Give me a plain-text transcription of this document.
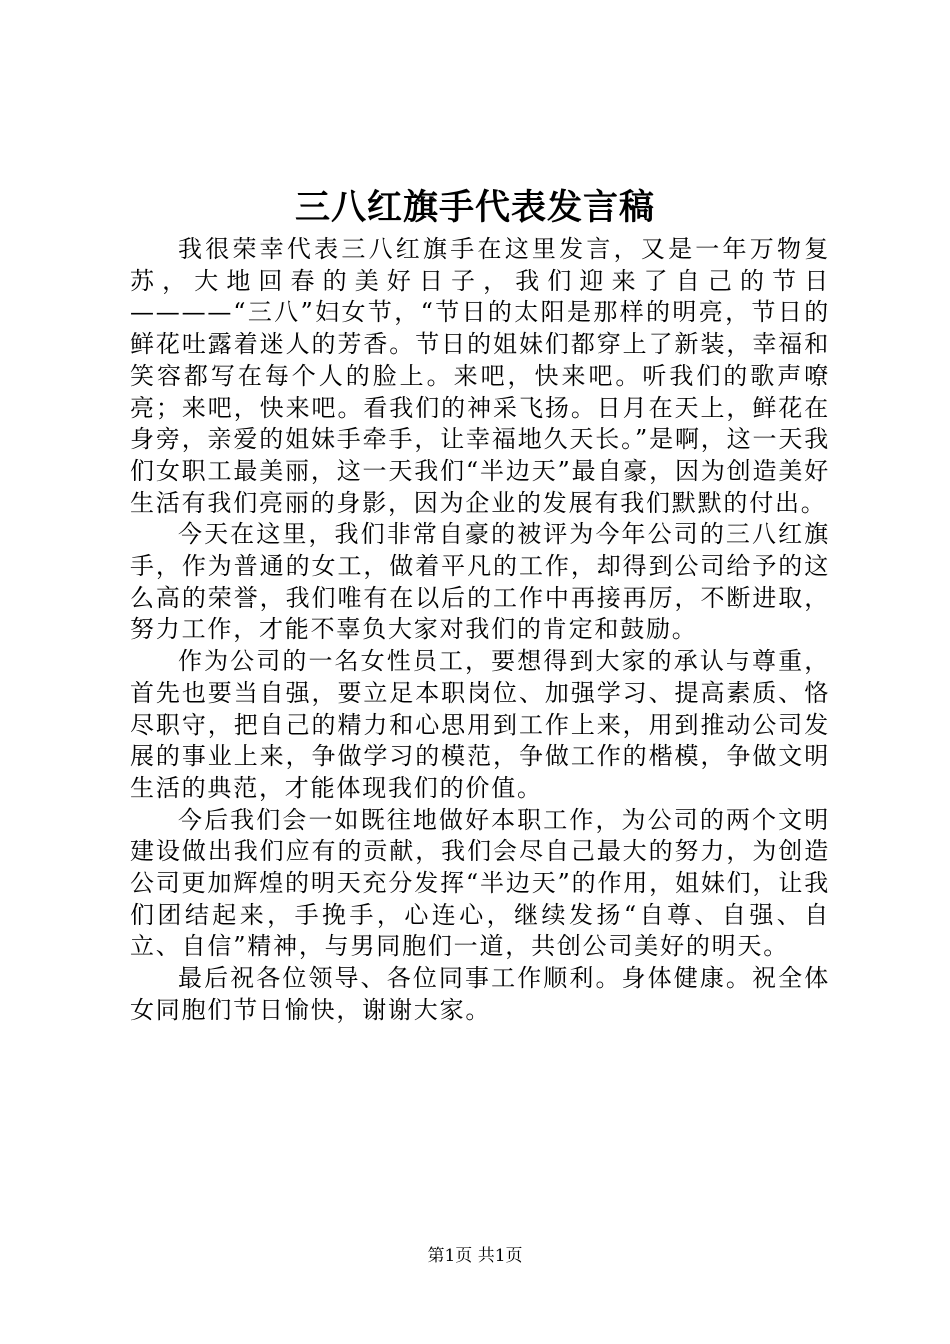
三八红旗手代表发言稿

我很荣幸代表三八红旗手在这里发言，又是一年万物复苏，大地回春的美好日子，我们迎来了自己的节日————“三八”妇女节，“节日的太阳是那样的明亮，节日的鲜花吐露着迷人的芳香。节日的姐妹们都穿上了新装，幸福和笑容都写在每个人的脸上。来吧，快来吧。听我们的歌声嘹亮；来吧，快来吧。看我们的神采飞扬。日月在天上，鲜花在身旁，亲爱的姐妹手牵手，让幸福地久天长。”是啊，这一天我们女职工最美丽，这一天我们“半边天”最自豪，因为创造美好生活有我们亮丽的身影，因为企业的发展有我们默默的付出。

今天在这里，我们非常自豪的被评为今年公司的三八红旗手，作为普通的女工，做着平凡的工作，却得到公司给予的这么高的荣誉，我们唯有在以后的工作中再接再厉，不断进取，努力工作，才能不辜负大家对我们的肯定和鼓励。

作为公司的一名女性员工，要想得到大家的承认与尊重，首先也要当自强，要立足本职岗位、加强学习、提高素质、恪尽职守，把自己的精力和心思用到工作上来，用到推动公司发展的事业上来，争做学习的模范，争做工作的楷模，争做文明生活的典范，才能体现我们的价值。

今后我们会一如既往地做好本职工作，为公司的两个文明建设做出我们应有的贡献，我们会尽自己最大的努力，为创造公司更加辉煌的明天充分发挥“半边天”的作用，姐妹们，让我们团结起来，手挽手，心连心，继续发扬“自尊、自强、自立、自信”精神，与男同胞们一道，共创公司美好的明天。

最后祝各位领导、各位同事工作顺利。身体健康。祝全体女同胞们节日愉快，谢谢大家。

第1页 共1页
